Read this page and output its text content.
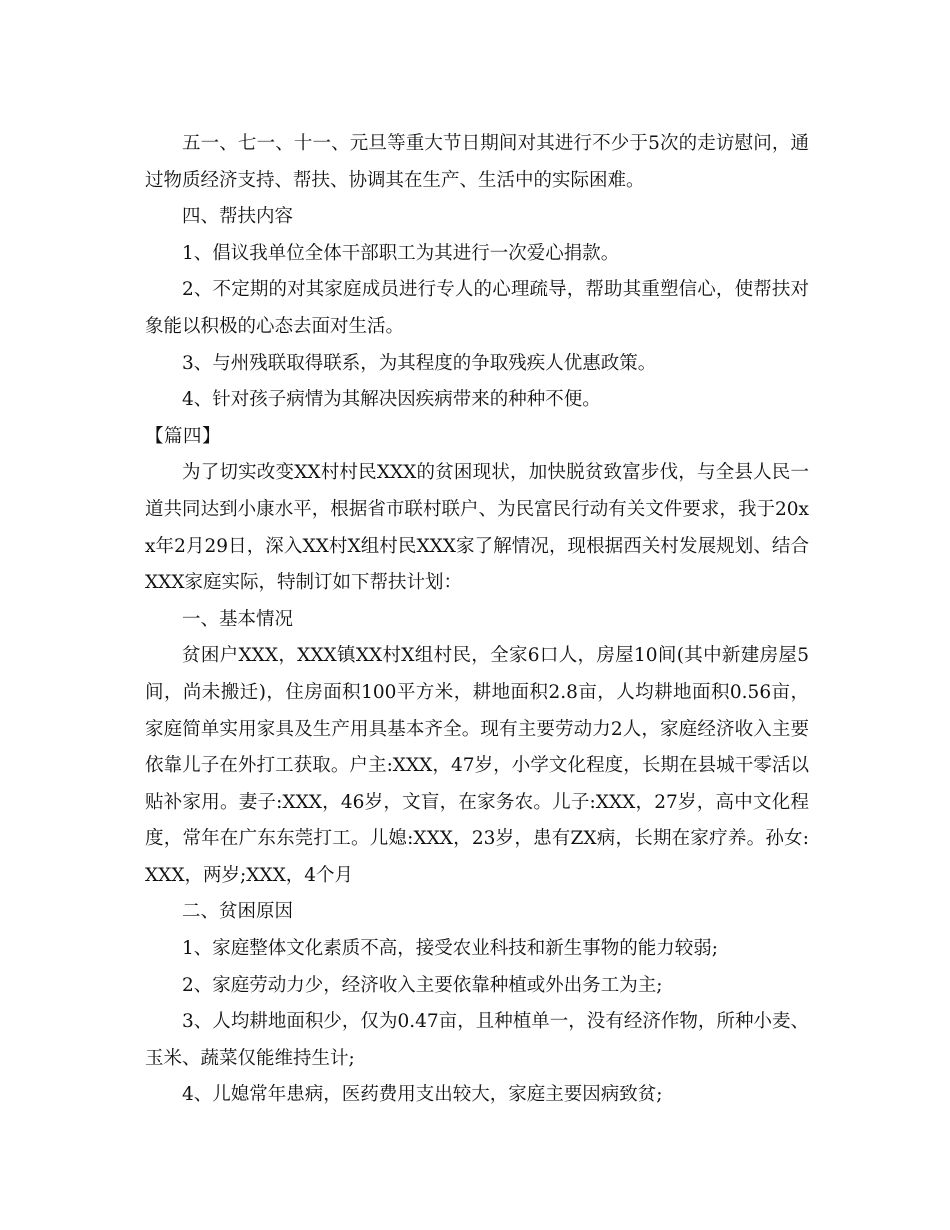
五一、七一、十一、元旦等重大节日期间对其进行不少于5次的走访慰问，通过物质经济支持、帮扶、协调其在生产、生活中的实际困难。

四、帮扶内容

1、倡议我单位全体干部职工为其进行一次爱心捐款。

2、不定期的对其家庭成员进行专人的心理疏导，帮助其重塑信心，使帮扶对象能以积极的心态去面对生活。

3、与州残联取得联系，为其程度的争取残疾人优惠政策。

4、针对孩子病情为其解决因疾病带来的种种不便。

【篇四】

为了切实改变XX村村民XXX的贫困现状，加快脱贫致富步伐，与全县人民一道共同达到小康水平，根据省市联村联户、为民富民行动有关文件要求，我于20xx年2月29日，深入XX村X组村民XXX家了解情况，现根据西关村发展规划、结合XXX家庭实际，特制订如下帮扶计划：

一、基本情况

贫困户XXX，XXX镇XX村X组村民，全家6口人，房屋10间(其中新建房屋5间，尚未搬迁)，住房面积100平方米，耕地面积2.8亩，人均耕地面积0.56亩，家庭简单实用家具及生产用具基本齐全。现有主要劳动力2人，家庭经济收入主要依靠儿子在外打工获取。户主:XXX，47岁，小学文化程度，长期在县城干零活以贴补家用。妻子:XXX，46岁，文盲，在家务农。儿子:XXX，27岁，高中文化程度，常年在广东东莞打工。儿媳:XXX，23岁，患有ZX病，长期在家疗养。孙女:XXX，两岁;XXX，4个月

二、贫困原因

1、家庭整体文化素质不高，接受农业科技和新生事物的能力较弱;

2、家庭劳动力少，经济收入主要依靠种植或外出务工为主;

3、人均耕地面积少，仅为0.47亩，且种植单一，没有经济作物，所种小麦、玉米、蔬菜仅能维持生计;

4、儿媳常年患病，医药费用支出较大，家庭主要因病致贫;
